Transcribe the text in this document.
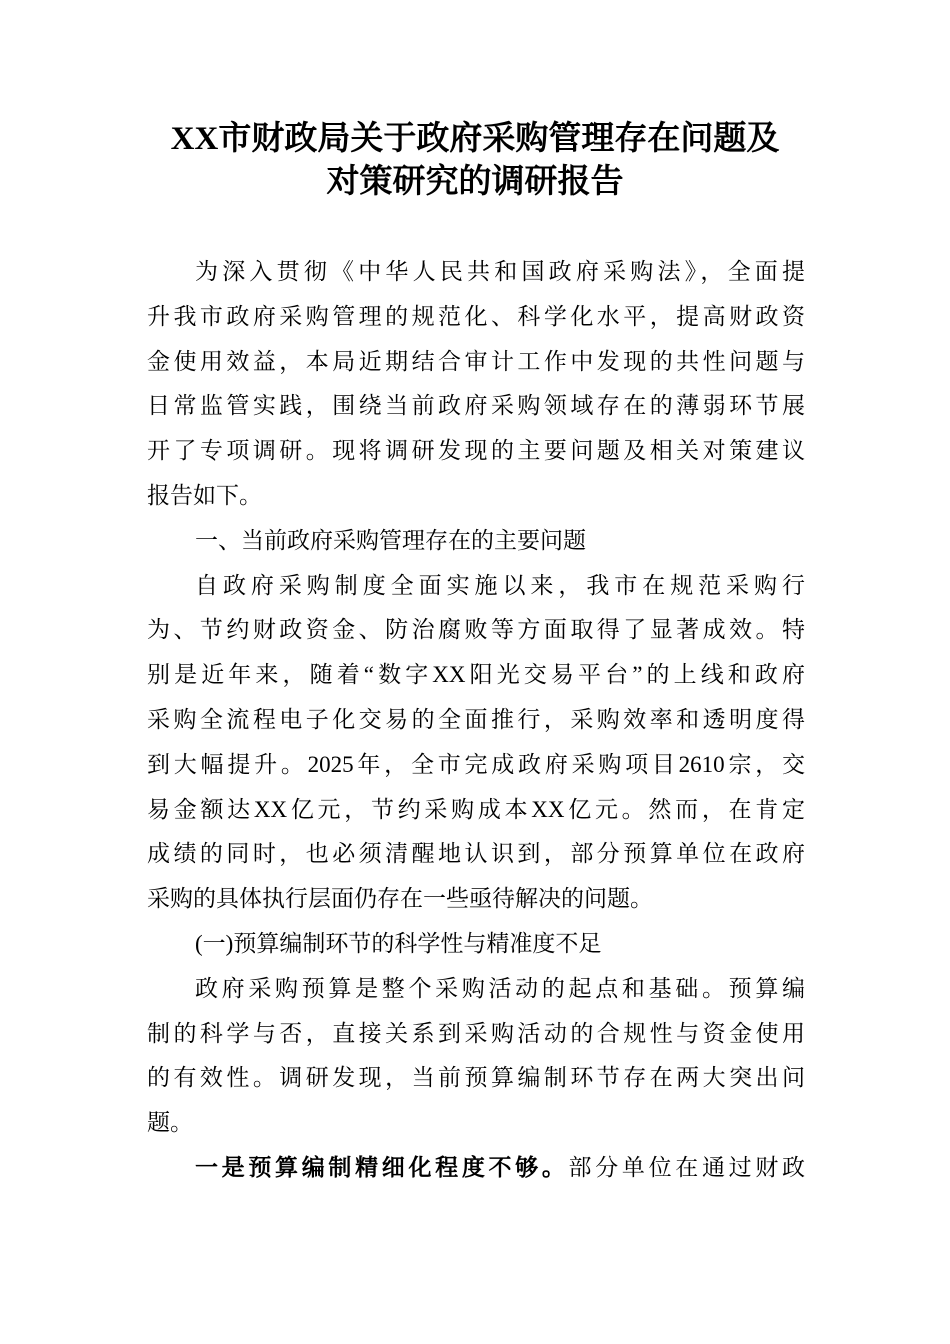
XX市财政局关于政府采购管理存在问题及
对策研究的调研报告
为深入贯彻《中华人民共和国政府采购法》，全面提
升我市政府采购管理的规范化、科学化水平，提高财政资
金使用效益，本局近期结合审计工作中发现的共性问题与
日常监管实践，围绕当前政府采购领域存在的薄弱环节展
开了专项调研。现将调研发现的主要问题及相关对策建议
报告如下。
一、当前政府采购管理存在的主要问题
自政府采购制度全面实施以来，我市在规范采购行
为、节约财政资金、防治腐败等方面取得了显著成效。特
别是近年来，随着“数字XX阳光交易平台”的上线和政府
采购全流程电子化交易的全面推行，采购效率和透明度得
到大幅提升。2025年，全市完成政府采购项目2610宗，交
易金额达XX亿元，节约采购成本XX亿元。然而，在肯定
成绩的同时，也必须清醒地认识到，部分预算单位在政府
采购的具体执行层面仍存在一些亟待解决的问题。
(一)预算编制环节的科学性与精准度不足
政府采购预算是整个采购活动的起点和基础。预算编
制的科学与否，直接关系到采购活动的合规性与资金使用
的有效性。调研发现，当前预算编制环节存在两大突出问
题。
一是预算编制精细化程度不够。部分单位在通过财政
